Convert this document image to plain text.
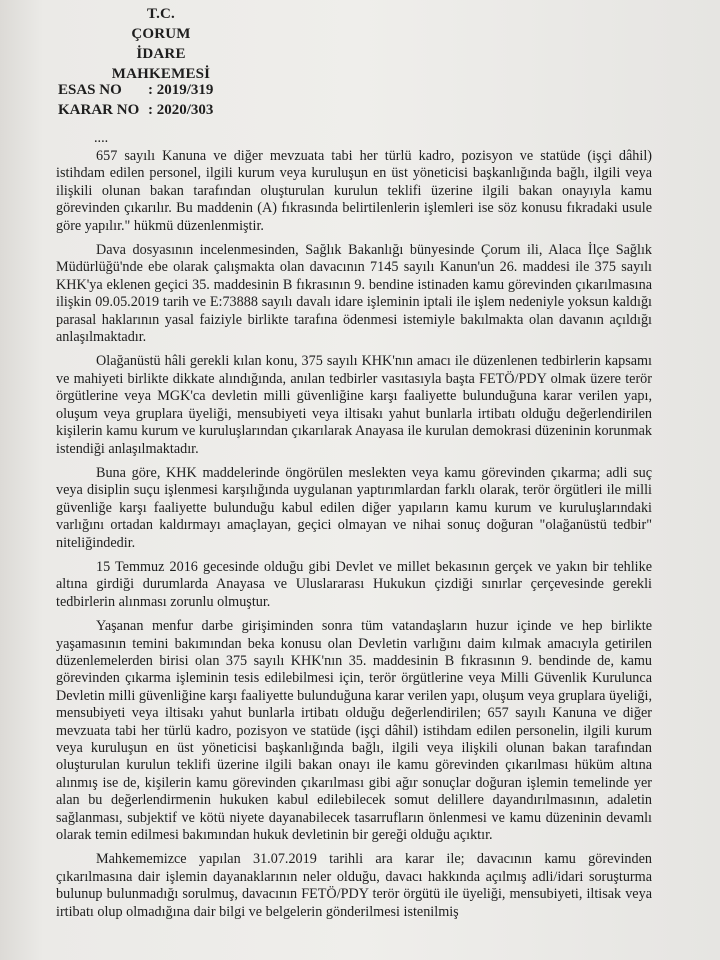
T.C.
ÇORUM
İDARE MAHKEMESİ
ESAS NO	: 2019/319
KARAR NO : 2020/303
....

657 sayılı Kanuna ve diğer mevzuata tabi her türlü kadro, pozisyon ve statüde (işçi dâhil) istihdam edilen personel, ilgili kurum veya kuruluşun en üst yöneticisi başkanlığında bağlı, ilgili veya ilişkili olunan bakan tarafından oluşturulan kurulun teklifi üzerine ilgili bakan onayıyla kamu görevinden çıkarılır. Bu maddenin (A) fıkrasında belirtilenlerin işlemleri ise söz konusu fıkradaki usule göre yapılır." hükmü düzenlenmiştir.

Dava dosyasının incelenmesinden, Sağlık Bakanlığı bünyesinde Çorum ili, Alaca İlçe Sağlık Müdürlüğü'nde ebe olarak çalışmakta olan davacının 7145 sayılı Kanun'un 26. maddesi ile 375 sayılı KHK'ya eklenen geçici 35. maddesinin B fıkrasının 9. bendine istinaden kamu görevinden çıkarılmasına ilişkin 09.05.2019 tarih ve E:73888 sayılı davalı idare işleminin iptali ile işlem nedeniyle yoksun kaldığı parasal haklarının yasal faiziyle birlikte tarafına ödenmesi istemiyle bakılmakta olan davanın açıldığı anlaşılmaktadır.

Olağanüstü hâli gerekli kılan konu, 375 sayılı KHK'nın amacı ile düzenlenen tedbirlerin kapsamı ve mahiyeti birlikte dikkate alındığında, anılan tedbirler vasıtasıyla başta FETÖ/PDY olmak üzere terör örgütlerine veya MGK'ca devletin milli güvenliğine karşı faaliyette bulunduğuna karar verilen yapı, oluşum veya gruplara üyeliği, mensubiyeti veya iltisakı yahut bunlarla irtibatı olduğu değerlendirilen kişilerin kamu kurum ve kuruluşlarından çıkarılarak Anayasa ile kurulan demokrasi düzeninin korunmak istendiği anlaşılmaktadır.

Buna göre, KHK maddelerinde öngörülen meslekten veya kamu görevinden çıkarma; adli suç veya disiplin suçu işlenmesi karşılığında uygulanan yaptırımlardan farklı olarak, terör örgütleri ile milli güvenliğe karşı faaliyette bulunduğu kabul edilen diğer yapıların kamu kurum ve kuruluşlarındaki varlığını ortadan kaldırmayı amaçlayan, geçici olmayan ve nihai sonuç doğuran "olağanüstü tedbir" niteliğindedir.

15 Temmuz 2016 gecesinde olduğu gibi Devlet ve millet bekasının gerçek ve yakın bir tehlike altına girdiği durumlarda Anayasa ve Uluslararası Hukukun çizdiği sınırlar çerçevesinde gerekli tedbirlerin alınması zorunlu olmuştur.

Yaşanan menfur darbe girişiminden sonra tüm vatandaşların huzur içinde ve hep birlikte yaşamasının temini bakımından beka konusu olan Devletin varlığını daim kılmak amacıyla getirilen düzenlemelerden birisi olan 375 sayılı KHK'nın 35. maddesinin B fıkrasının 9. bendinde de, kamu görevinden çıkarma işleminin tesis edilebilmesi için, terör örgütlerine veya Milli Güvenlik Kurulunca Devletin milli güvenliğine karşı faaliyette bulunduğuna karar verilen yapı, oluşum veya gruplara üyeliği, mensubiyeti veya iltisakı yahut bunlarla irtibatı olduğu değerlendirilen; 657 sayılı Kanuna ve diğer mevzuata tabi her türlü kadro, pozisyon ve statüde (işçi dâhil) istihdam edilen personelin, ilgili kurum veya kuruluşun en üst yöneticisi başkanlığında bağlı, ilgili veya ilişkili olunan bakan tarafından oluşturulan kurulun teklifi üzerine ilgili bakan onayı ile kamu görevinden çıkarılması hüküm altına alınmış ise de, kişilerin kamu görevinden çıkarılması gibi ağır sonuçlar doğuran işlemin temelinde yer alan bu değerlendirmenin hukuken kabul edilebilecek somut delillere dayandırılmasının, adaletin sağlanması, subjektif ve kötü niyete dayanabilecek tasarrufların önlenmesi ve kamu düzeninin devamlı olarak temin edilmesi bakımından hukuk devletinin bir gereği olduğu açıktır.

Mahkememizce yapılan 31.07.2019 tarihli ara karar ile; davacının kamu görevinden çıkarılmasına dair işlemin dayanaklarının neler olduğu, davacı hakkında açılmış adli/idari soruşturma bulunup bulunmadığı sorulmuş, davacının FETÖ/PDY terör örgütü ile üyeliği, mensubiyeti, iltisak veya irtibatı olup olmadığına dair bilgi ve belgelerin gönderilmesi istenilmiş
